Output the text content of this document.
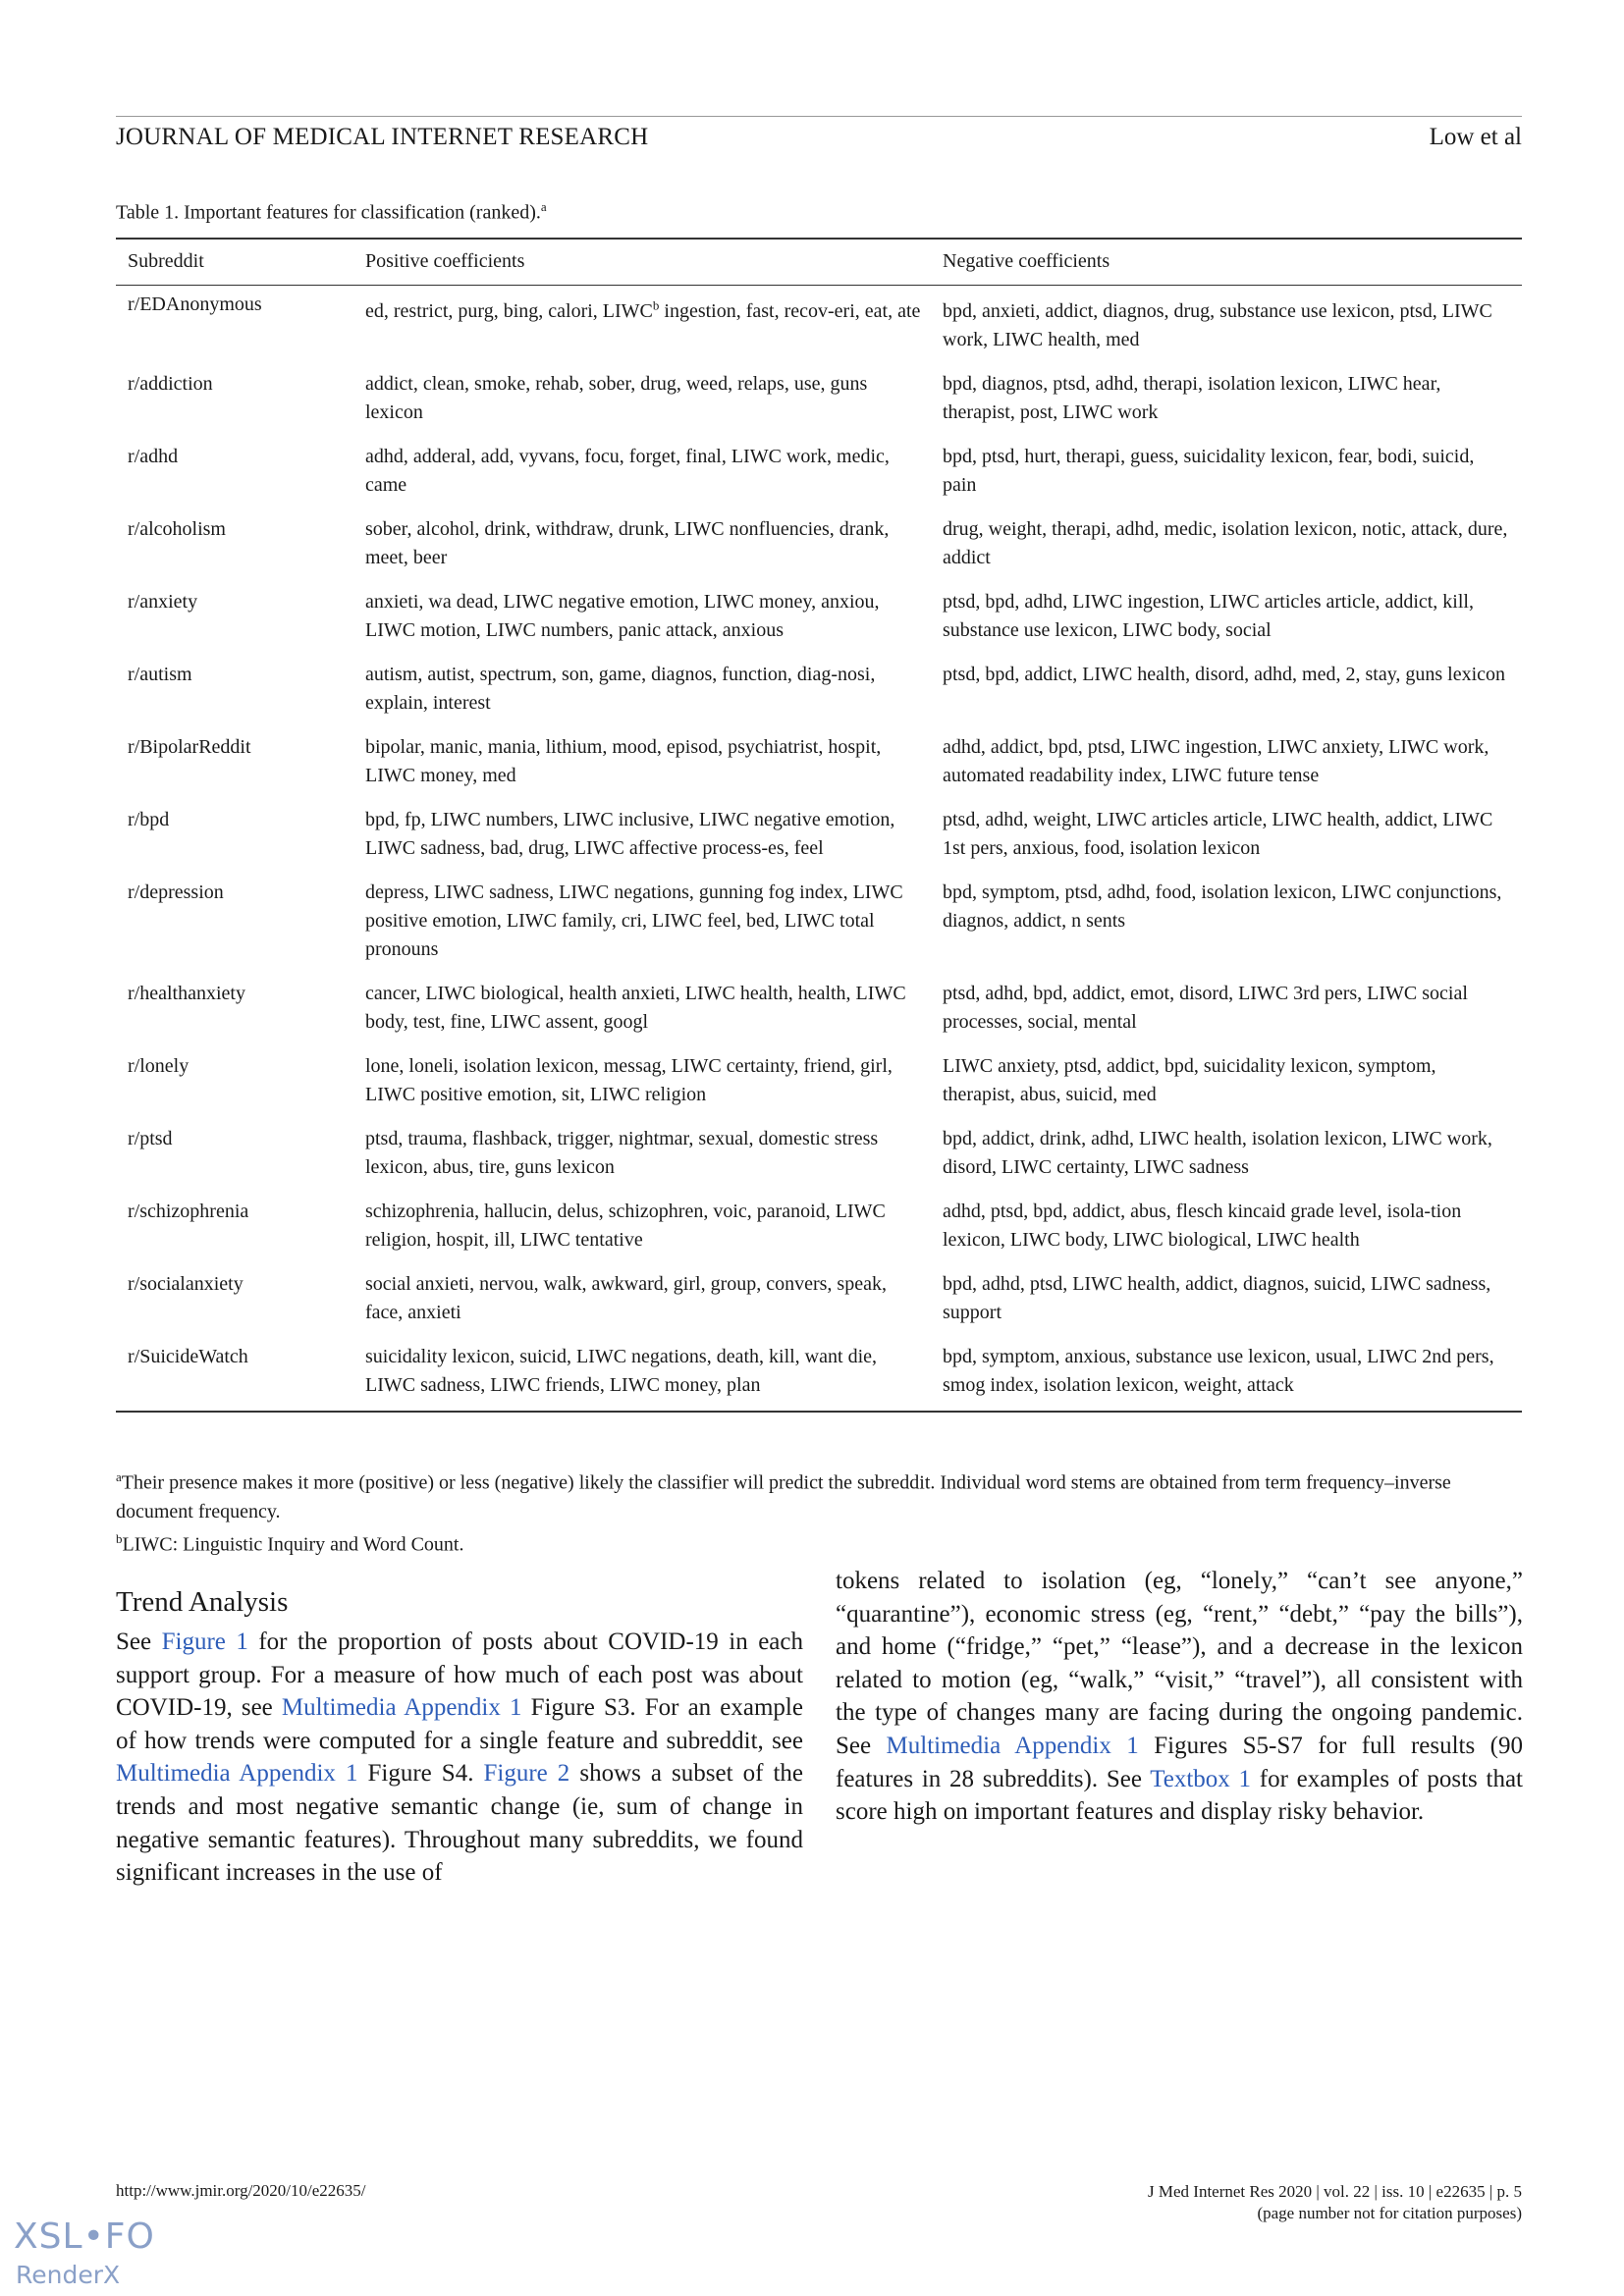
JOURNAL OF MEDICAL INTERNET RESEARCH	Low et al
Table 1. Important features for classification (ranked).$^a$
Subreddit	Positive coefficients	Negative coefficients
r/EDAnonymous	ed, restrict, purg, bing, calori, LIWC$^b$ ingestion, fast, recov-eri, eat, ate	bpd, anxieti, addict, diagnos, drug, substance use lexicon, ptsd, LIWC work, LIWC health, med
r/addiction	addict, clean, smoke, rehab, sober, drug, weed, relaps, use, guns lexicon	bpd, diagnos, ptsd, adhd, therapi, isolation lexicon, LIWC hear, therapist, post, LIWC work
r/adhd	adhd, adderal, add, vyvans, focu, forget, final, LIWC work, medic, came	bpd, ptsd, hurt, therapi, guess, suicidality lexicon, fear, bodi, suicid, pain
r/alcoholism	sober, alcohol, drink, withdraw, drunk, LIWC nonfluencies, drank, meet, beer	drug, weight, therapi, adhd, medic, isolation lexicon, notic, attack, dure, addict
r/anxiety	anxieti, wa dead, LIWC negative emotion, LIWC money, anxiou, LIWC motion, LIWC numbers, panic attack, anxious	ptsd, bpd, adhd, LIWC ingestion, LIWC articles article, addict, kill, substance use lexicon, LIWC body, social
r/autism	autism, autist, spectrum, son, game, diagnos, function, diag-nosi, explain, interest	ptsd, bpd, addict, LIWC health, disord, adhd, med, 2, stay, guns lexicon
r/BipolarReddit	bipolar, manic, mania, lithium, mood, episod, psychiatrist, hospit, LIWC money, med	adhd, addict, bpd, ptsd, LIWC ingestion, LIWC anxiety, LIWC work, automated readability index, LIWC future tense
r/bpd	bpd, fp, LIWC numbers, LIWC inclusive, LIWC negative emotion, LIWC sadness, bad, drug, LIWC affective process-es, feel	ptsd, adhd, weight, LIWC articles article, LIWC health, addict, LIWC 1st pers, anxious, food, isolation lexicon
r/depression	depress, LIWC sadness, LIWC negations, gunning fog index, LIWC positive emotion, LIWC family, cri, LIWC feel, bed, LIWC total pronouns	bpd, symptom, ptsd, adhd, food, isolation lexicon, LIWC conjunctions, diagnos, addict, n sents
r/healthanxiety	cancer, LIWC biological, health anxieti, LIWC health, health, LIWC body, test, fine, LIWC assent, googl	ptsd, adhd, bpd, addict, emot, disord, LIWC 3rd pers, LIWC social processes, social, mental
r/lonely	lone, loneli, isolation lexicon, messag, LIWC certainty, friend, girl, LIWC positive emotion, sit, LIWC religion	LIWC anxiety, ptsd, addict, bpd, suicidality lexicon, symptom, therapist, abus, suicid, med
r/ptsd	ptsd, trauma, flashback, trigger, nightmar, sexual, domestic stress lexicon, abus, tire, guns lexicon	bpd, addict, drink, adhd, LIWC health, isolation lexicon, LIWC work, disord, LIWC certainty, LIWC sadness
r/schizophrenia	schizophrenia, hallucin, delus, schizophren, voic, paranoid, LIWC religion, hospit, ill, LIWC tentative	adhd, ptsd, bpd, addict, abus, flesch kincaid grade level, isola-tion lexicon, LIWC body, LIWC biological, LIWC health
r/socialanxiety	social anxieti, nervou, walk, awkward, girl, group, convers, speak, face, anxieti	bpd, adhd, ptsd, LIWC health, addict, diagnos, suicid, LIWC sadness, support
r/SuicideWatch	suicidality lexicon, suicid, LIWC negations, death, kill, want die, LIWC sadness, LIWC friends, LIWC money, plan	bpd, symptom, anxious, substance use lexicon, usual, LIWC 2nd pers, smog index, isolation lexicon, weight, attack
$^a$Their presence makes it more (positive) or less (negative) likely the classifier will predict the subreddit. Individual word stems are obtained from term frequency–inverse document frequency.
$^b$LIWC: Linguistic Inquiry and Word Count.
Trend Analysis

See Figure 1 for the proportion of posts about COVID-19 in each support group. For a measure of how much of each post was about COVID-19, see Multimedia Appendix 1 Figure S3. For an example of how trends were computed for a single feature and subreddit, see Multimedia Appendix 1 Figure S4. Figure 2 shows a subset of the trends and most negative semantic change (ie, sum of change in negative semantic features). Throughout many subreddits, we found significant increases in the use of

tokens related to isolation (eg, “lonely,” “can’t see anyone,” “quarantine”), economic stress (eg, “rent,” “debt,” “pay the bills”), and home (“fridge,” “pet,” “lease”), and a decrease in the lexicon related to motion (eg, “walk,” “visit,” “travel”), all consistent with the type of changes many are facing during the ongoing pandemic. See Multimedia Appendix 1 Figures S5-S7 for full results (90 features in 28 subreddits). See Textbox 1 for examples of posts that score high on important features and display risky behavior.

http://www.jmir.org/2020/10/e22635/	J Med Internet Res 2020 | vol. 22 | iss. 10 | e22635 | p. 5
(page number not for citation purposes)
XSL•FO
RenderX
